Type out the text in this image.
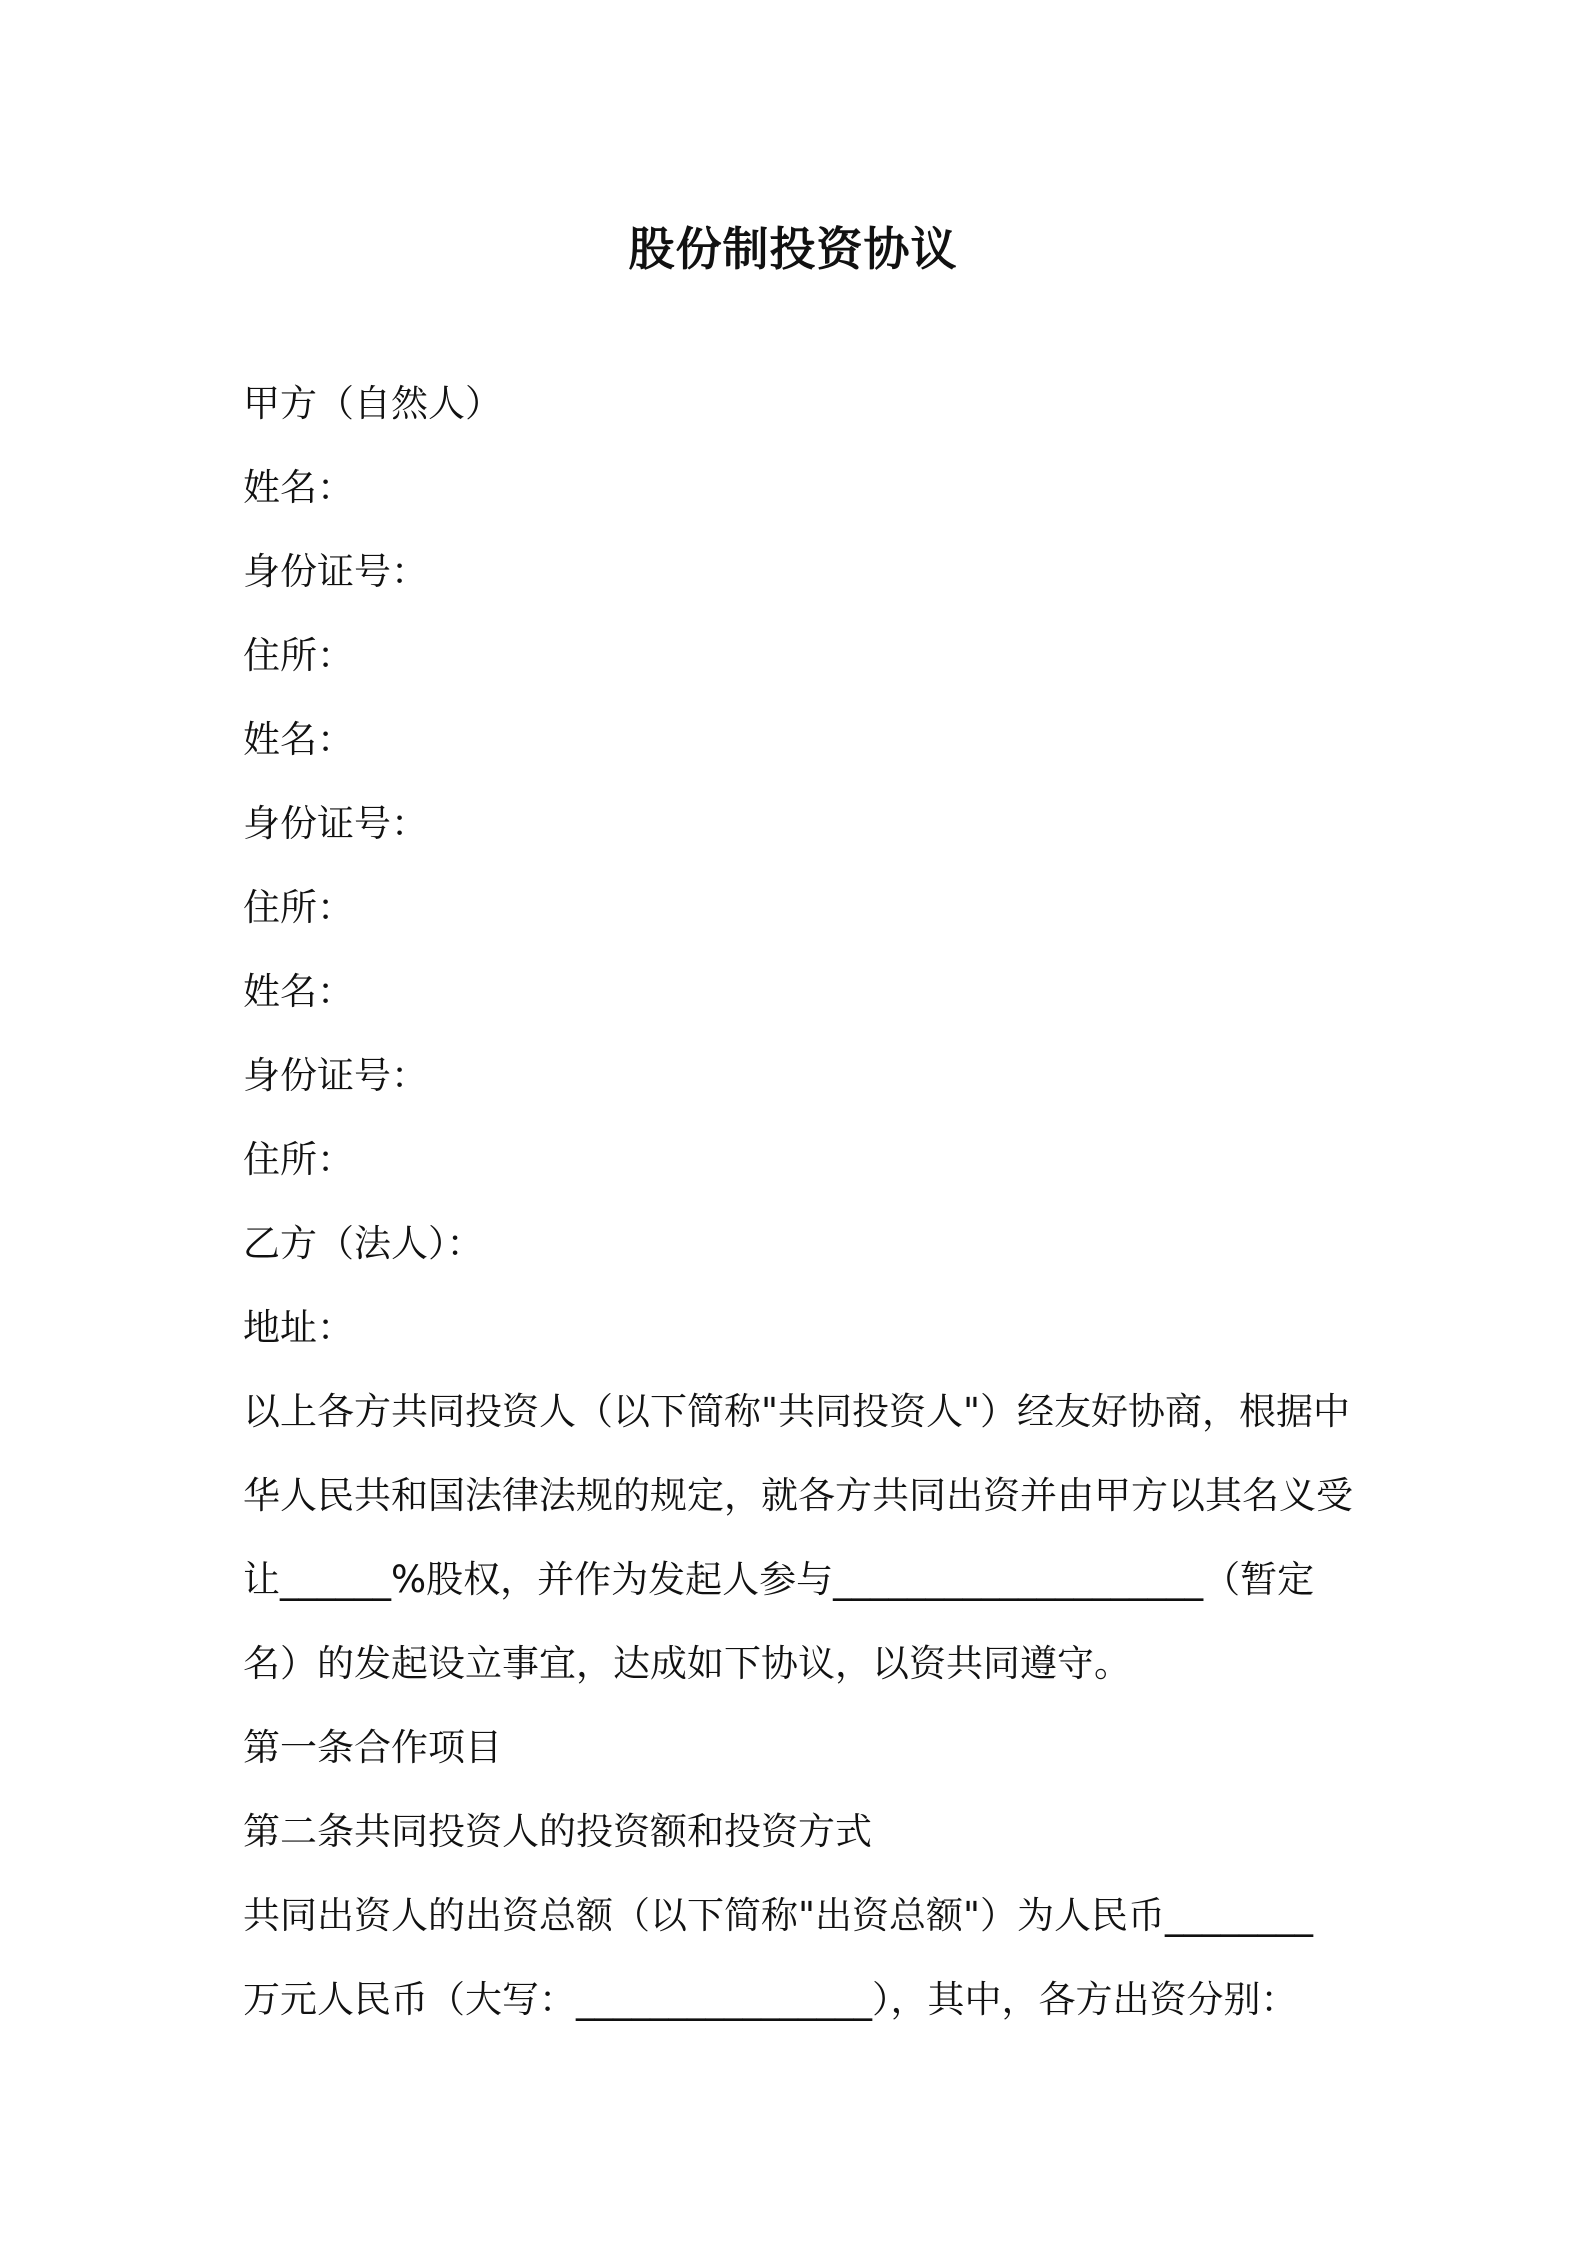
股份制投资协议
甲方（自然人）
姓名：
身份证号：
住所：
姓名：
身份证号：
住所：
姓名：
身份证号：
住所：
乙方（法人）：
地址：
以上各方共同投资人（以下简称"共同投资人"）经友好协商，根据中
华人民共和国法律法规的规定，就各方共同出资并由甲方以其名义受
让______%股权，并作为发起人参与____________________（暂定
名）的发起设立事宜，达成如下协议，以资共同遵守。
第一条合作项目
第二条共同投资人的投资额和投资方式
共同出资人的出资总额（以下简称"出资总额"）为人民币________
万元人民币（大写：________________），其中，各方出资分别：
